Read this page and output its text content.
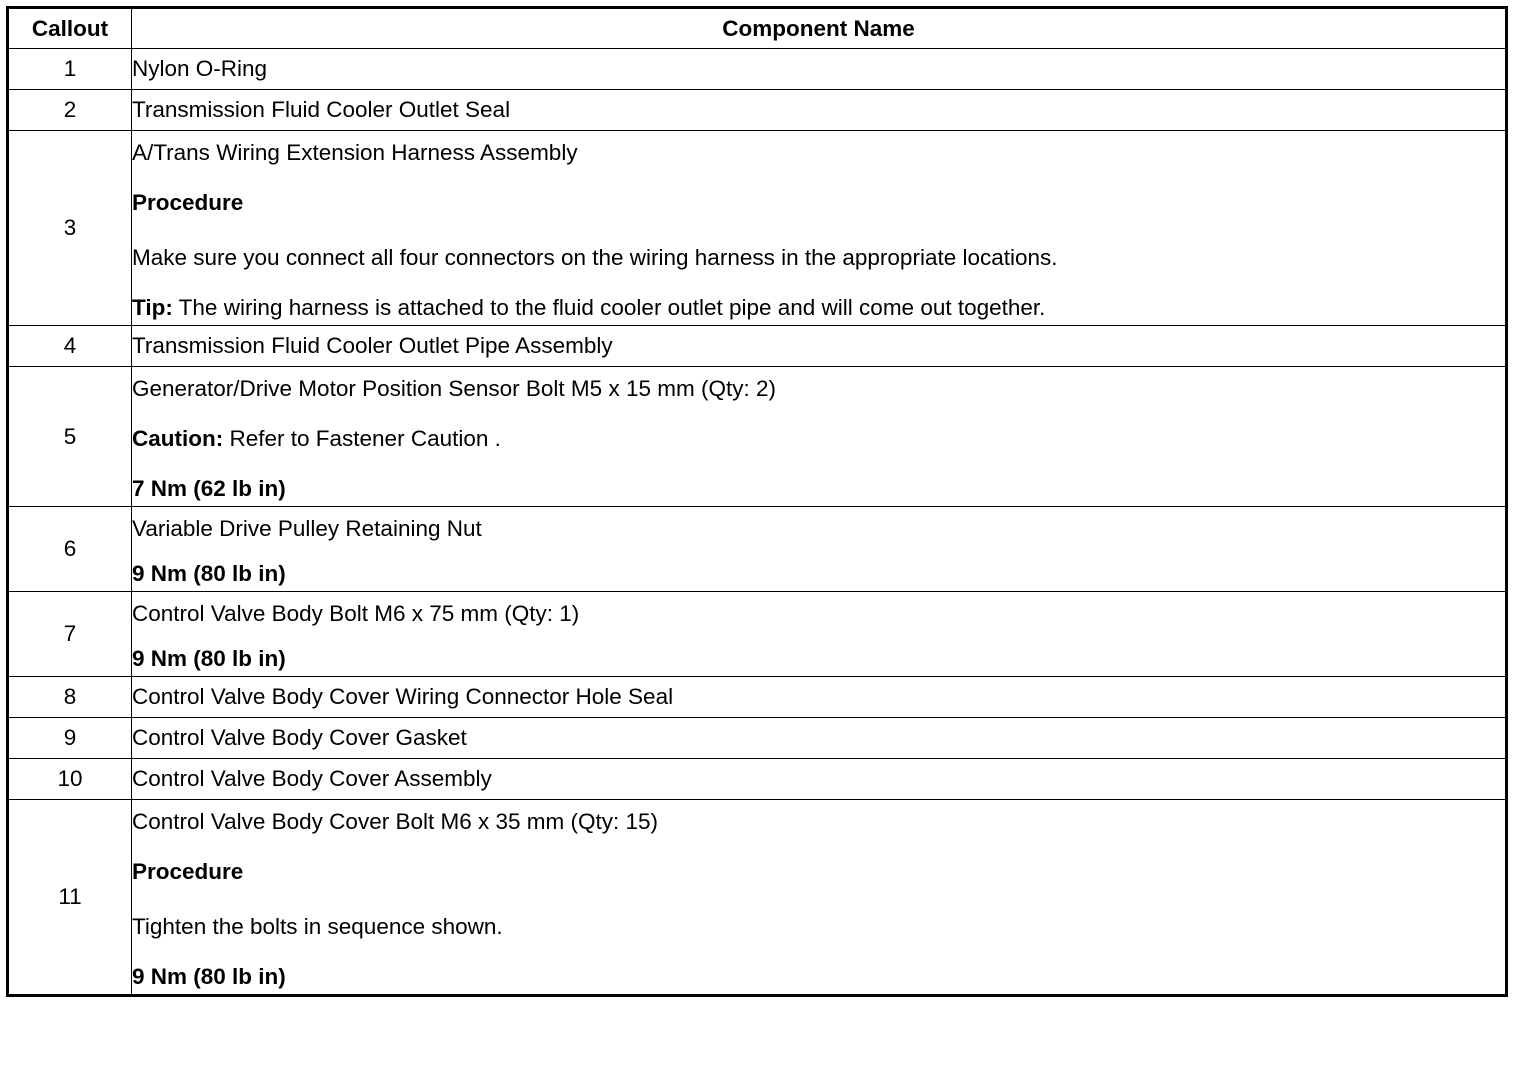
Callout	Component Name
1	Nylon O-Ring
2	Transmission Fluid Cooler Outlet Seal
3	A/Trans Wiring Extension Harness Assembly
Procedure
Make sure you connect all four connectors on the wiring harness in the appropriate locations.
Tip: The wiring harness is attached to the fluid cooler outlet pipe and will come out together.

4	Transmission Fluid Cooler Outlet Pipe Assembly
5	Generator/Drive Motor Position Sensor Bolt M5 x 15 mm (Qty: 2)
Caution: Refer to Fastener Caution .
7 Nm (62 lb in)

6	Variable Drive Pulley Retaining Nut
9 Nm (80 lb in)

7	Control Valve Body Bolt M6 x 75 mm (Qty: 1)
9 Nm (80 lb in)

8	Control Valve Body Cover Wiring Connector Hole Seal
9	Control Valve Body Cover Gasket
10	Control Valve Body Cover Assembly
11	Control Valve Body Cover Bolt M6 x 35 mm (Qty: 15)
Procedure
Tighten the bolts in sequence shown.
9 Nm (80 lb in)
